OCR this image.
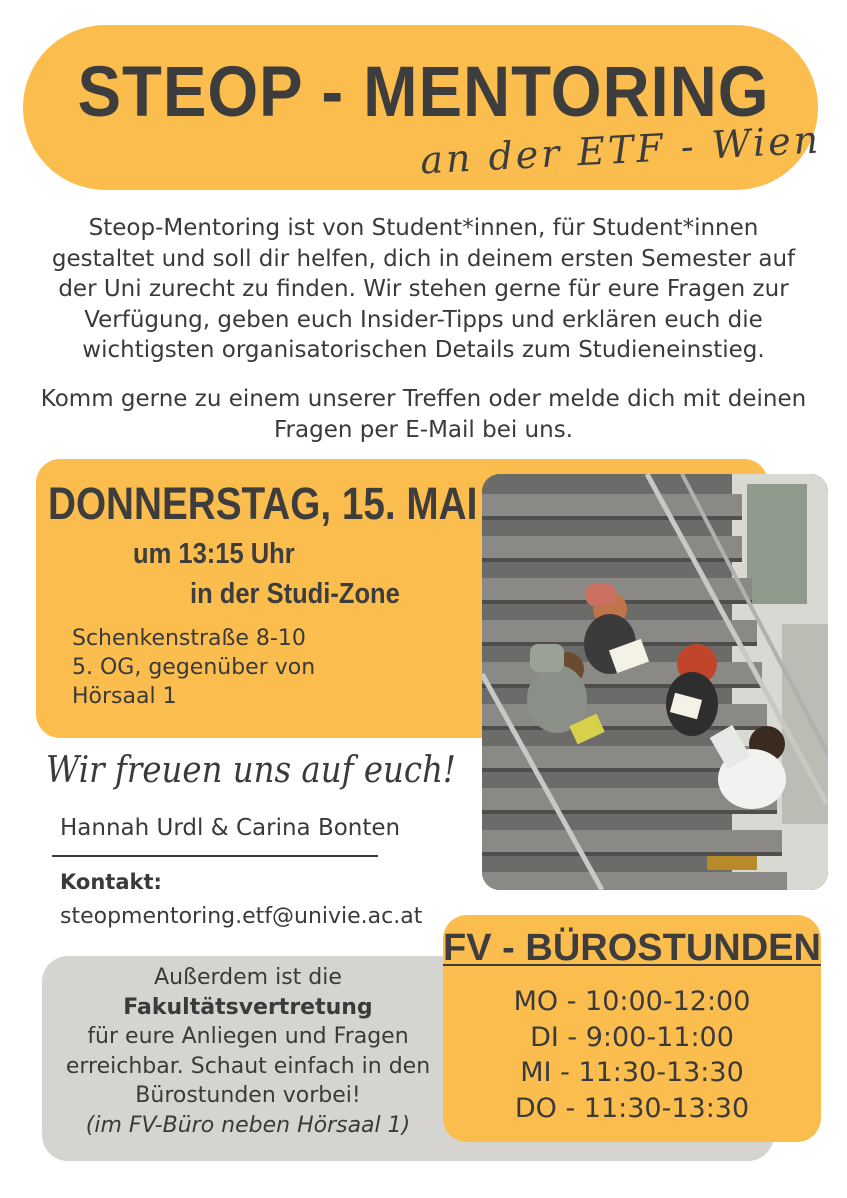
STEOP - MENTORING
an der ETF - Wien
Steop-Mentoring ist von Student*innen, für Student*innen gestaltet und soll dir helfen, dich in deinem ersten Semester auf der Uni zurecht zu finden. Wir stehen gerne für eure Fragen zur Verfügung, geben euch Insider-Tipps und erklären euch die wichtigsten organisatorischen Details zum Studieneinstieg.
Komm gerne zu einem unserer Treffen oder melde dich mit deinen Fragen per E-Mail bei uns.
DONNERSTAG, 15. MAI
um 13:15 Uhr
in der Studi-Zone
Schenkenstraße 8-10
5. OG, gegenüber von
Hörsaal 1
Wir freuen uns auf euch!
Hannah Urdl & Carina Bonten
Kontakt:
steopmentoring.etf@univie.ac.at
Außerdem ist die
Fakultätsvertretung
für eure Anliegen und Fragen erreichbar. Schaut einfach in den Bürostunden vorbei!
(im FV-Büro neben Hörsaal 1)
FV - BÜROSTUNDEN
MO - 10:00-12:00
DI - 9:00-11:00
MI - 11:30-13:30
DO - 11:30-13:30
